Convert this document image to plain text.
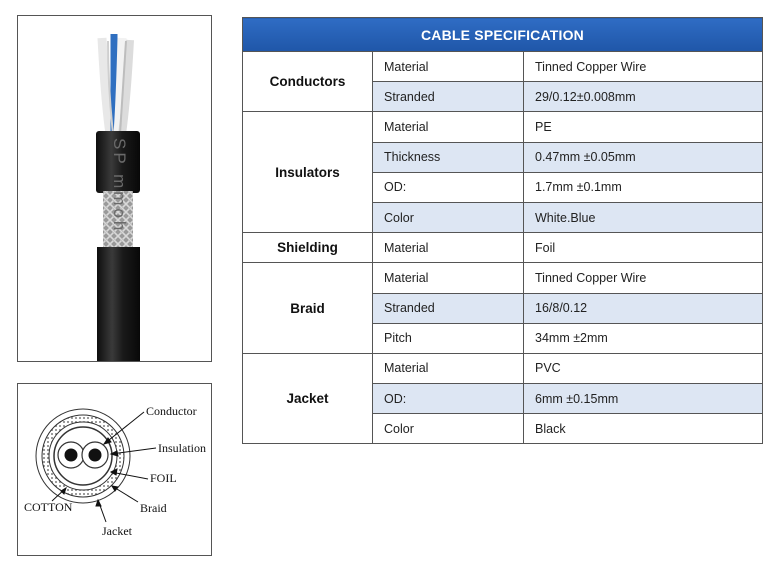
SP mmoh
Conductor
Insulation
FOIL
Braid
COTTON
Jacket
CABLE SPECIFICATION		
Conductors	Material	Tinned Copper Wire
	Stranded	29/0.12±0.008mm
Insulators	Material	PE
	Thickness	0.47mm ±0.05mm
	OD:	1.7mm ±0.1mm
	Color	White.Blue
Shielding	Material	Foil
Braid	Material	Tinned Copper Wire
	Stranded	16/8/0.12
	Pitch	34mm ±2mm
Jacket	Material	PVC
	OD:	6mm ±0.15mm
	Color	Black
